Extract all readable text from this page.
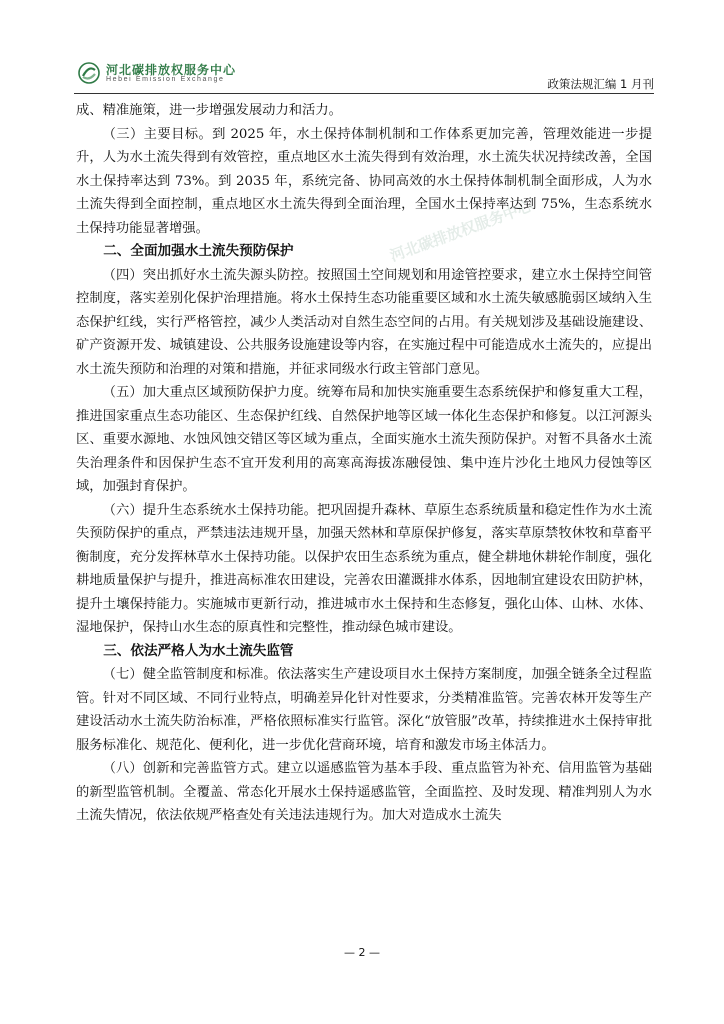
河北碳排放权服务中心
Hebei Emission Exchange	政策法规汇编 1 月刊
河北碳排放权服务中心

成、精准施策，进一步增强发展动力和活力。

（三）主要目标。到 2025 年，水土保持体制机制和工作体系更加完善，管理效能进一步提升，人为水土流失得到有效管控，重点地区水土流失得到有效治理，水土流失状况持续改善，全国水土保持率达到 73%。到 2035 年，系统完备、协同高效的水土保持体制机制全面形成，人为水土流失得到全面控制，重点地区水土流失得到全面治理，全国水土保持率达到 75%，生态系统水土保持功能显著增强。

二、全面加强水土流失预防保护

（四）突出抓好水土流失源头防控。按照国土空间规划和用途管控要求，建立水土保持空间管控制度，落实差别化保护治理措施。将水土保持生态功能重要区域和水土流失敏感脆弱区域纳入生态保护红线，实行严格管控，减少人类活动对自然生态空间的占用。有关规划涉及基础设施建设、矿产资源开发、城镇建设、公共服务设施建设等内容，在实施过程中可能造成水土流失的，应提出水土流失预防和治理的对策和措施，并征求同级水行政主管部门意见。

（五）加大重点区域预防保护力度。统筹布局和加快实施重要生态系统保护和修复重大工程，推进国家重点生态功能区、生态保护红线、自然保护地等区域一体化生态保护和修复。以江河源头区、重要水源地、水蚀风蚀交错区等区域为重点，全面实施水土流失预防保护。对暂不具备水土流失治理条件和因保护生态不宜开发利用的高寒高海拔冻融侵蚀、集中连片沙化土地风力侵蚀等区域，加强封育保护。

（六）提升生态系统水土保持功能。把巩固提升森林、草原生态系统质量和稳定性作为水土流失预防保护的重点，严禁违法违规开垦，加强天然林和草原保护修复，落实草原禁牧休牧和草畜平衡制度，充分发挥林草水土保持功能。以保护农田生态系统为重点，健全耕地休耕轮作制度，强化耕地质量保护与提升，推进高标准农田建设，完善农田灌溉排水体系，因地制宜建设农田防护林，提升土壤保持能力。实施城市更新行动，推进城市水土保持和生态修复，强化山体、山林、水体、湿地保护，保持山水生态的原真性和完整性，推动绿色城市建设。

三、依法严格人为水土流失监管

（七）健全监管制度和标准。依法落实生产建设项目水土保持方案制度，加强全链条全过程监管。针对不同区域、不同行业特点，明确差异化针对性要求，分类精准监管。完善农林开发等生产建设活动水土流失防治标准，严格依照标准实行监管。深化“放管服”改革，持续推进水土保持审批服务标准化、规范化、便利化，进一步优化营商环境，培育和激发市场主体活力。

（八）创新和完善监管方式。建立以遥感监管为基本手段、重点监管为补充、信用监管为基础的新型监管机制。全覆盖、常态化开展水土保持遥感监管，全面监控、及时发现、精准判别人为水土流失情况，依法依规严格查处有关违法违规行为。加大对造成水土流失

— 2 —
